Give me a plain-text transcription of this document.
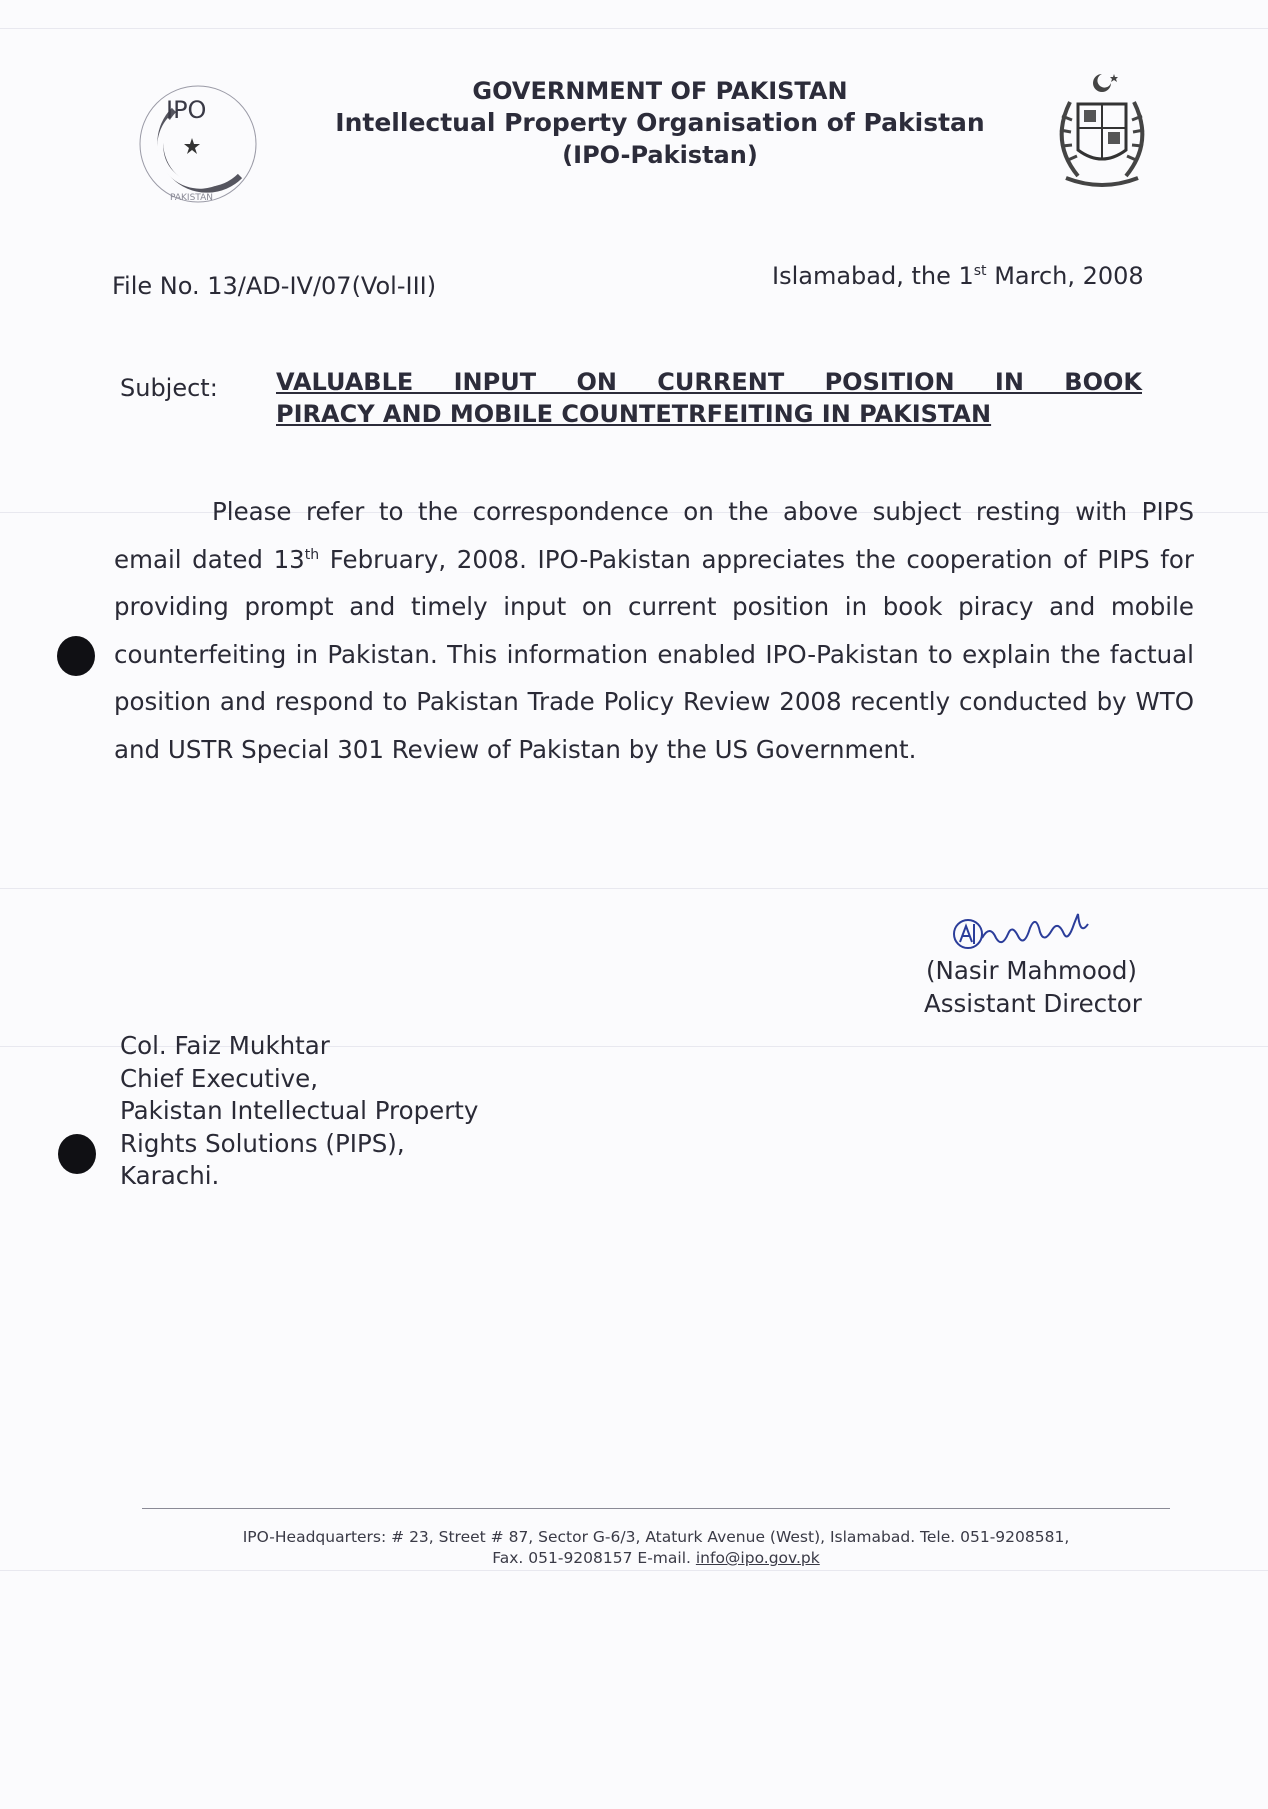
IPO
PAKISTAN
GOVERNMENT OF PAKISTAN
Intellectual Property Organisation of Pakistan
(IPO-Pakistan)
File No. 13/AD-IV/07(Vol-III)	Islamabad, the 1st March, 2008
Subject: VALUABLE INPUT ON CURRENT POSITION IN BOOK
PIRACY AND MOBILE COUNTETRFEITING IN PAKISTAN
Please refer to the correspondence on the above subject resting with PIPS email dated 13th February, 2008. IPO-Pakistan appreciates the cooperation of PIPS for providing prompt and timely input on current position in book piracy and mobile counterfeiting in Pakistan. This information enabled IPO-Pakistan to explain the factual position and respond to Pakistan Trade Policy Review 2008 recently conducted by WTO and USTR Special 301 Review of Pakistan by the US Government.
(Nasir Mahmood)
Assistant Director
Col. Faiz Mukhtar
Chief Executive,
Pakistan Intellectual Property
Rights Solutions (PIPS),
Karachi.
IPO-Headquarters: # 23, Street # 87, Sector G-6/3, Ataturk Avenue (West), Islamabad. Tele. 051-9208581,
Fax. 051-9208157 E-mail. info@ipo.gov.pk
